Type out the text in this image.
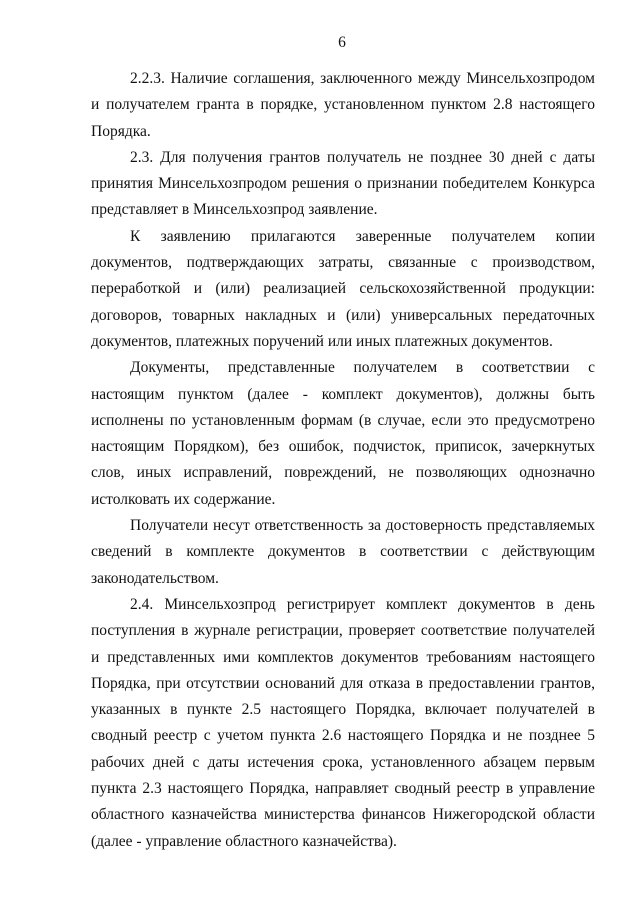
6

2.2.3. Наличие соглашения, заключенного между Минсельхозпродом и получателем гранта в порядке, установленном пунктом 2.8 настоящего Порядка.

2.3. Для получения грантов получатель не позднее 30 дней с даты принятия Минсельхозпродом решения о признании победителем Конкурса представляет в Минсельхозпрод заявление.

К заявлению прилагаются заверенные получателем копии документов, подтверждающих затраты, связанные с производством, переработкой и (или) реализацией сельскохозяйственной продукции: договоров, товарных накладных и (или) универсальных передаточных документов, платежных поручений или иных платежных документов.

Документы, представленные получателем в соответствии с настоящим пунктом (далее - комплект документов), должны быть исполнены по установленным формам (в случае, если это предусмотрено настоящим Порядком), без ошибок, подчисток, приписок, зачеркнутых слов, иных исправлений, повреждений, не позволяющих однозначно истолковать их содержание.

Получатели несут ответственность за достоверность представляемых сведений в комплекте документов в соответствии с действующим законодательством.

2.4. Минсельхозпрод регистрирует комплект документов в день поступления в журнале регистрации, проверяет соответствие получателей и представленных ими комплектов документов требованиям настоящего Порядка, при отсутствии оснований для отказа в предоставлении грантов, указанных в пункте 2.5 настоящего Порядка, включает получателей в сводный реестр с учетом пункта 2.6 настоящего Порядка и не позднее 5 рабочих дней с даты истечения срока, установленного абзацем первым пункта 2.3 настоящего Порядка, направляет сводный реестр в управление областного казначейства министерства финансов Нижегородской области (далее - управление областного казначейства).
